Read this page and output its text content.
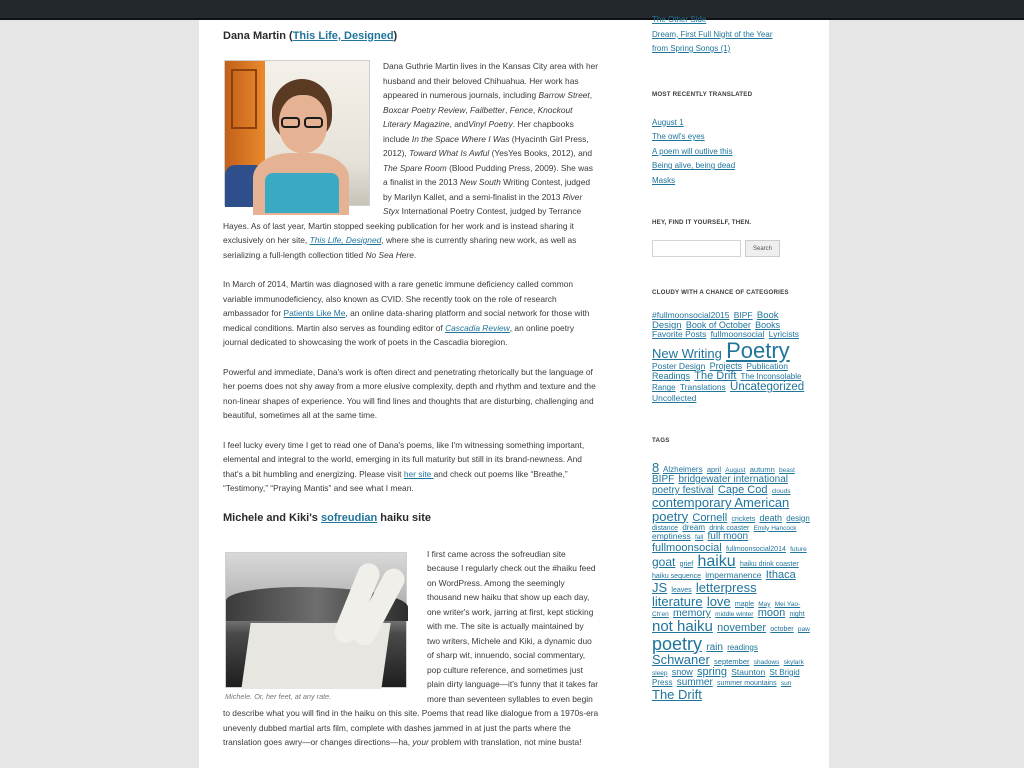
Dana Martin (This Life, Designed)

Dana Guthrie Martin lives in the Kansas City area with her husband and their beloved Chihuahua. Her work has appeared in numerous journals, including Barrow Street, Boxcar Poetry Review, Failbetter, Fence, Knockout Literary Magazine, andVinyl Poetry. Her chapbooks include In the Space Where I Was (Hyacinth Girl Press, 2012), Toward What Is Awful (YesYes Books, 2012), and The Spare Room (Blood Pudding Press, 2009). She was a finalist in the 2013 New South Writing Contest, judged by Marilyn Kallet, and a semi-finalist in the 2013 River Styx International Poetry Contest, judged by Terrance Hayes. As of last year, Martin stopped seeking publication for her work and is instead sharing it exclusively on her site, This Life, Designed, where she is currently sharing new work, as well as serializing a full-length collection titled No Sea Here.

In March of 2014, Martin was diagnosed with a rare genetic immune deficiency called common variable immunodeficiency, also known as CVID. She recently took on the role of research ambassador for Patients Like Me, an online data-sharing platform and social network for those with medical conditions. Martin also serves as founding editor of Cascadia Review, an online poetry journal dedicated to showcasing the work of poets in the Cascadia bioregion.

Powerful and immediate, Dana's work is often direct and penetrating rhetorically but the language of her poems does not shy away from a more elusive complexity, depth and rhythm and texture and the non-linear shapes of experience. You will find lines and thoughts that are disturbing, challenging and beautiful, sometimes all at the same time.

I feel lucky every time I get to read one of Dana's poems, like I'm witnessing something important, elemental and integral to the world, emerging in its full maturity but still in its brand-newness. And that's a bit humbling and energizing. Please visit her site and check out poems like “Breathe,” “Testimony,” “Praying Mantis” and see what I mean.

Michele and Kiki's sofreudian haiku site
Michele. Or, her feet, at any rate.

I first came across the sofreudian site because I regularly check out the #haiku feed on WordPress. Among the seemingly thousand new haiku that show up each day, one writer's work, jarring at first, kept sticking with me. The site is actually maintained by two writers, Michele and Kiki, a dynamic duo of sharp wit, innuendo, social commentary, pop culture reference, and sometimes just plain dirty language—it's funny that it takes far more than seventeen syllables to even begin to describe what you will find in the haiku on this site. Poems that read like dialogue from a 1970s-era unevenly dubbed martial arts film, complete with dashes jammed in at just the parts where the translation goes awry—or changes directions—ha, your problem with translation, not mine busta!

The Other Side
Dream, First Full Night of the Year
from Spring Songs (1)
MOST RECENTLY TRANSLATED
August 1
The owl's eyes
A poem will outlive this
Being alive, being dead
Masks
HEY, FIND IT YOURSELF, THEN.
Search
CLOUDY WITH A CHANCE OF CATEGORIES
#fullmoonsocial2015 BIPF Book Design Book of October Books Favorite Posts fullmoonsocial Lyricists New Writing Poetry Poster Design Projects Publication Readings The Drift The Inconsolable Range Translations Uncategorized Uncollected
TAGS
8 Alzheimers april August autumn beast BIPF bridgewater international poetry festival Cape Cod clouds contemporary American poetry Cornell crickets death design distance dream drink coaster Emily Hancock emptiness fall full moon fullmoonsocial fullmoonsocial2014 future goat grief haiku haiku drink coaster haiku sequence impermanence Ithaca JS leaves letterpress literature love maple May Mei Yao-Ch'en memory middle winter moon night not haiku november october paw poetry rain readings Schwaner september shadows skylark sleep snow spring Staunton St Brigid Press summer summer mountains sun The Drift
